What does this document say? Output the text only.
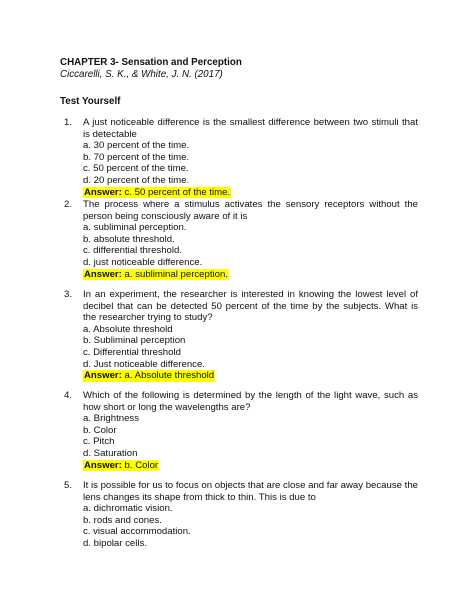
CHAPTER 3- Sensation and Perception
Ciccarelli, S. K., & White, J. N. (2017)
Test Yourself
1.	A just noticeable difference is the smallest difference between two stimuli that is detectable
a. 30 percent of the time.
b. 70 percent of the time.
c. 50 percent of the time.
d. 20 percent of the time.
Answer: c. 50 percent of the time.
2.	The process where a stimulus activates the sensory receptors without the person being consciously aware of it is
a. subliminal perception.
b. absolute threshold.
c. differential threshold.
d. just noticeable difference.
Answer: a. subliminal perception.
3.	In an experiment, the researcher is interested in knowing the lowest level of decibel that can be detected 50 percent of the time by the subjects. What is the researcher trying to study?
a. Absolute threshold
b. Subliminal perception
c. Differential threshold
d. Just noticeable difference.
Answer: a. Absolute threshold
4.	Which of the following is determined by the length of the light wave, such as how short or long the wavelengths are?
a. Brightness
b. Color
c. Pitch
d. Saturation
Answer: b. Color
5.	It is possible for us to focus on objects that are close and far away because the lens changes its shape from thick to thin. This is due to
a. dichromatic vision.
b. rods and cones.
c. visual accommodation.
d. bipolar cells.
